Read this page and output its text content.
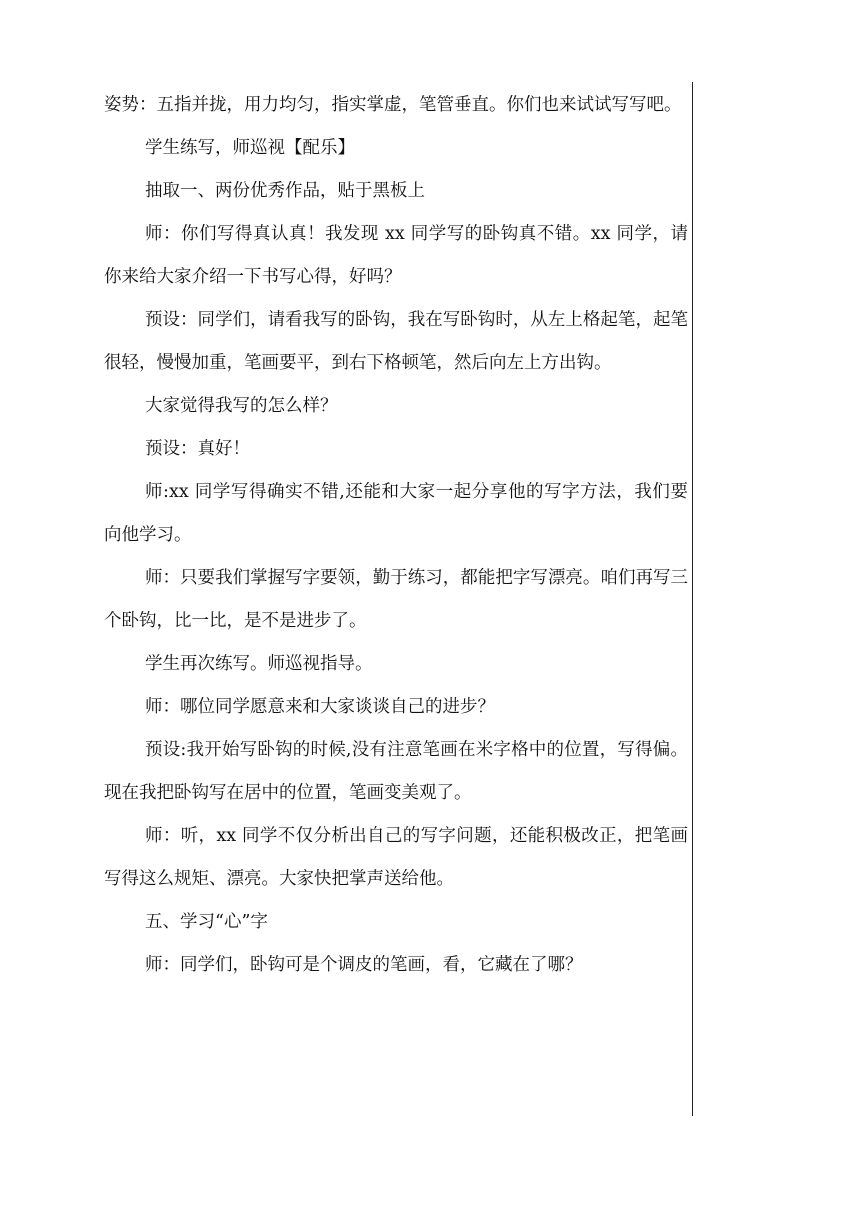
姿势：五指并拢，用力均匀，指实掌虚，笔管垂直。你们也来试试写写吧。

学生练写，师巡视【配乐】

抽取一、两份优秀作品，贴于黑板上

师：你们写得真认真！我发现 xx 同学写的卧钩真不错。xx 同学，请你来给大家介绍一下书写心得，好吗？

预设：同学们，请看我写的卧钩，我在写卧钩时，从左上格起笔，起笔很轻，慢慢加重，笔画要平，到右下格顿笔，然后向左上方出钩。

大家觉得我写的怎么样？

预设：真好！

师:xx 同学写得确实不错,还能和大家一起分享他的写字方法，我们要向他学习。

师：只要我们掌握写字要领，勤于练习，都能把字写漂亮。咱们再写三个卧钩，比一比，是不是进步了。

学生再次练写。师巡视指导。

师：哪位同学愿意来和大家谈谈自己的进步？

预设:我开始写卧钩的时候,没有注意笔画在米字格中的位置，写得偏。现在我把卧钩写在居中的位置，笔画变美观了。

师：听，xx 同学不仅分析出自己的写字问题，还能积极改正，把笔画写得这么规矩、漂亮。大家快把掌声送给他。

五、学习“心”字

师：同学们，卧钩可是个调皮的笔画，看，它藏在了哪？
